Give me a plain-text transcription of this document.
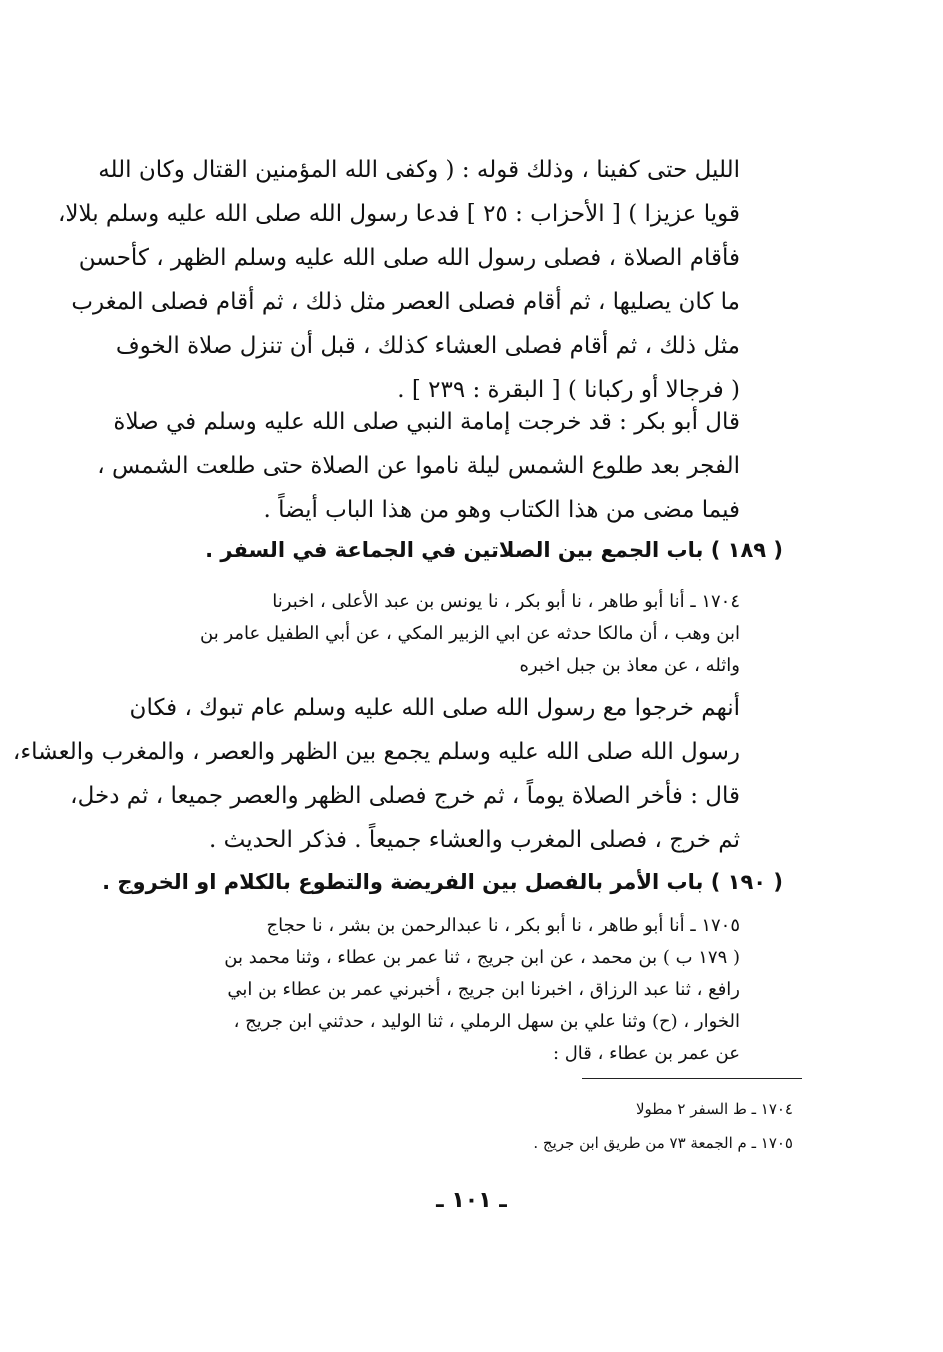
الليل حتى كفينا ، وذلك قوله : ( وكفى الله المؤمنين القتال وكان الله
قويا عزيزا ) [ الأحزاب : ٢٥ ] فدعا رسول الله صلى الله عليه وسلم بلالا،
فأقام الصلاة ، فصلى رسول الله صلى الله عليه وسلم الظهر ، كأحسن
ما كان يصليها ، ثم أقام فصلى العصر مثل ذلك ، ثم أقام فصلى المغرب
مثل ذلك ، ثم أقام فصلى العشاء كذلك ، قبل أن تنزل صلاة الخوف
( فرجالا أو ركبانا ) [ البقرة : ٢٣٩ ] .
قال أبو بكر : قد خرجت إمامة النبي صلى الله عليه وسلم في صلاة
الفجر بعد طلوع الشمس ليلة ناموا عن الصلاة حتى طلعت الشمس ،
فيما مضى من هذا الكتاب وهو من هذا الباب أيضاً .
( ١٨٩ ) باب الجمع بين الصلاتين في الجماعة في السفر .
١٧٠٤ ـ أنا أبو طاهر ، نا أبو بكر ، نا يونس بن عبد الأعلى ، اخبرنا
ابن وهب ، أن مالكا حدثه عن ابي الزبير المكي ، عن أبي الطفيل عامر بن
واثله ، عن معاذ بن جبل اخبره
أنهم خرجوا مع رسول الله صلى الله عليه وسلم عام تبوك ، فكان
رسول الله صلى الله عليه وسلم يجمع بين الظهر والعصر ، والمغرب والعشاء،
قال : فأخر الصلاة يوماً ، ثم خرج فصلى الظهر والعصر جميعا ، ثم دخل،
ثم خرج ، فصلى المغرب والعشاء جميعاً . فذكر الحديث .
( ١٩٠ ) باب الأمر بالفصل بين الفريضة والتطوع بالكلام او الخروج .
١٧٠٥ ـ أنا أبو طاهر ، نا أبو بكر ، نا عبدالرحمن بن بشر ، نا حجاج
( ١٧٩ ب ) بن محمد ، عن ابن جريج ، ثنا عمر بن عطاء ، وثنا محمد بن
رافع ، ثنا عبد الرزاق ، اخبرنا ابن جريج ، أخبرني عمر بن عطاء بن ابي
الخوار ، (ح) وثنا علي بن سهل الرملي ، ثنا الوليد ، حدثني ابن جريج ،
عن عمر بن عطاء ، قال :
١٧٠٤ ـ ط السفر ٢ مطولا
١٧٠٥ ـ م الجمعة ٧٣ من طريق ابن جريج .
ـ ١٠١ ـ
